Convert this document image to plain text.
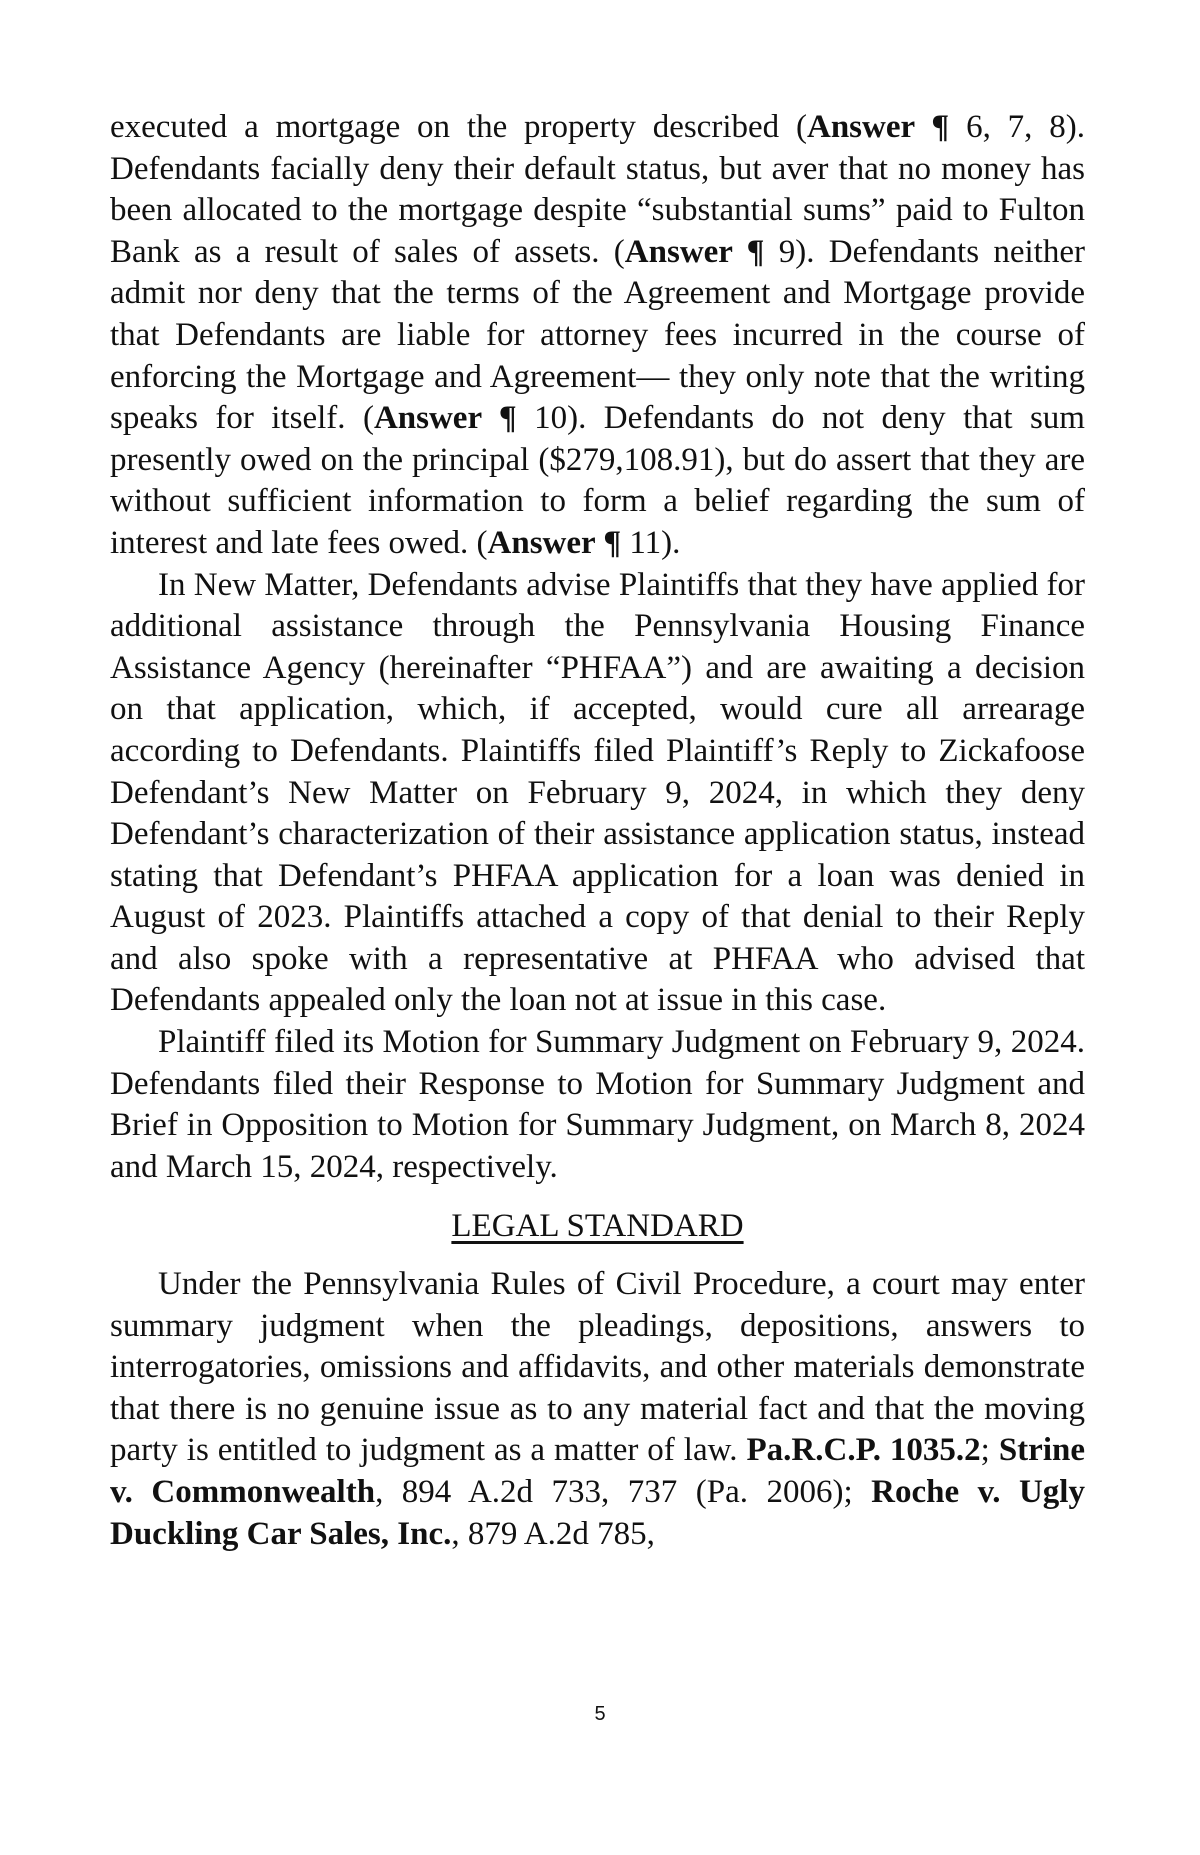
executed a mortgage on the property described (Answer ¶ 6, 7, 8). Defendants facially deny their default status, but aver that no money has been allocated to the mortgage despite “substantial sums” paid to Fulton Bank as a result of sales of assets. (Answer ¶ 9). Defendants neither admit nor deny that the terms of the Agreement and Mortgage provide that Defendants are liable for attorney fees incurred in the course of enforcing the Mortgage and Agreement— they only note that the writing speaks for itself. (Answer ¶ 10). Defendants do not deny that sum presently owed on the principal ($279,108.91), but do assert that they are without sufficient information to form a belief regarding the sum of interest and late fees owed. (Answer ¶ 11).

In New Matter, Defendants advise Plaintiffs that they have applied for additional assistance through the Pennsylvania Housing Finance Assistance Agency (hereinafter “PHFAA”) and are awaiting a decision on that application, which, if accepted, would cure all arrearage according to Defendants. Plaintiffs filed Plaintiff’s Reply to Zickafoose Defendant’s New Matter on February 9, 2024, in which they deny Defendant’s characterization of their assistance application status, instead stating that Defendant’s PHFAA application for a loan was denied in August of 2023. Plaintiffs attached a copy of that denial to their Reply and also spoke with a representative at PHFAA who advised that Defendants appealed only the loan not at issue in this case.

Plaintiff filed its Motion for Summary Judgment on February 9, 2024. Defendants filed their Response to Motion for Summary Judgment and Brief in Opposition to Motion for Summary Judgment, on March 8, 2024 and March 15, 2024, respectively.

LEGAL STANDARD

Under the Pennsylvania Rules of Civil Procedure, a court may enter summary judgment when the pleadings, depositions, answers to interrogatories, omissions and affidavits, and other materials demonstrate that there is no genuine issue as to any material fact and that the moving party is entitled to judgment as a matter of law. Pa.R.C.P. 1035.2; Strine v. Commonwealth, 894 A.2d 733, 737 (Pa. 2006); Roche v. Ugly Duckling Car Sales, Inc., 879 A.2d 785,

5
